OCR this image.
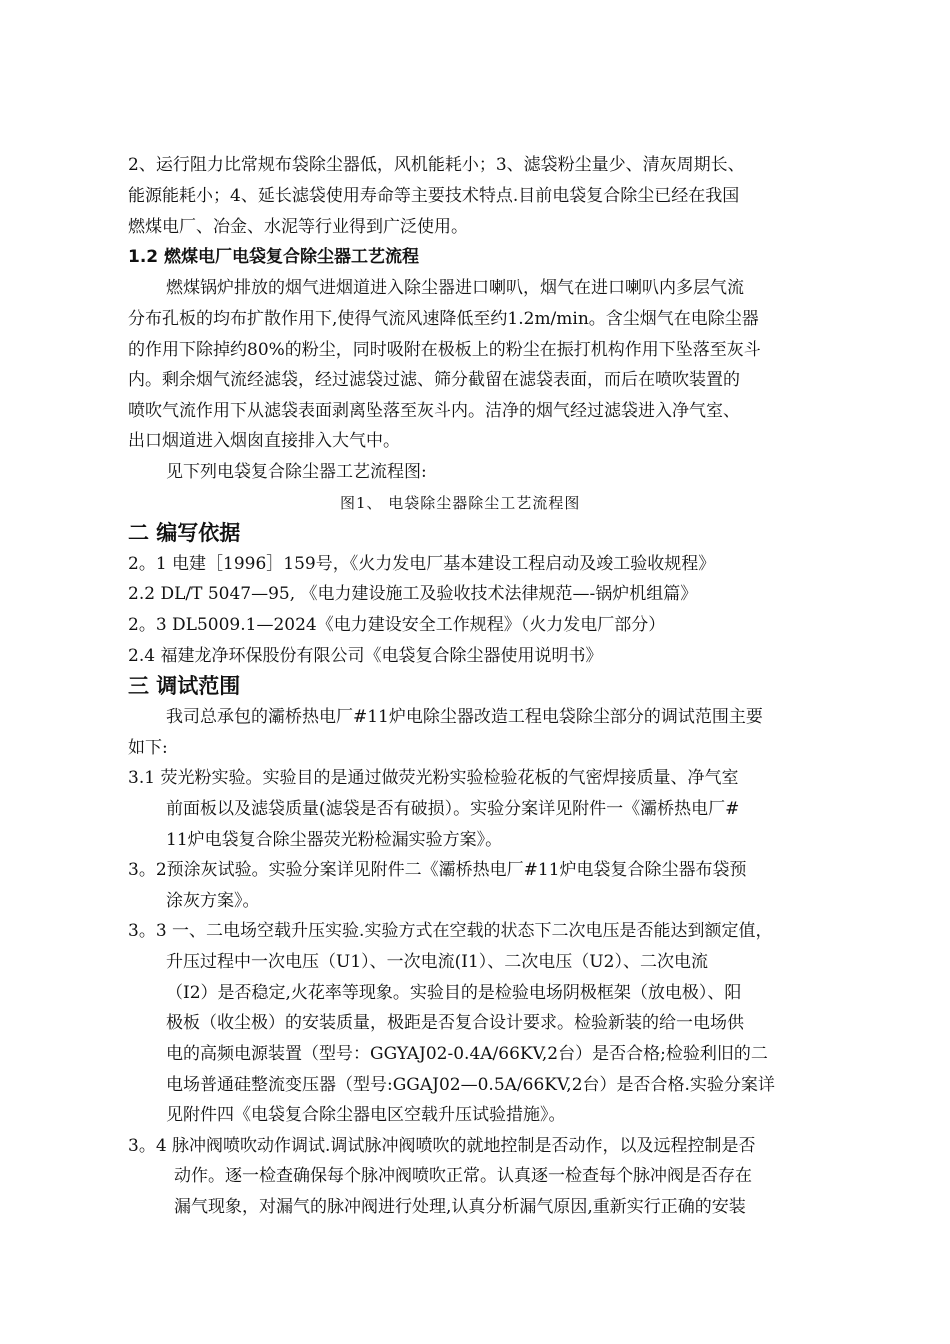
2、运行阻力比常规布袋除尘器低，风机能耗小；3、滤袋粉尘量少、清灰周期长、
能源能耗小；4、延长滤袋使用寿命等主要技术特点.目前电袋复合除尘已经在我国
燃煤电厂、冶金、水泥等行业得到广泛使用。
1.2 燃煤电厂电袋复合除尘器工艺流程
燃煤锅炉排放的烟气进烟道进入除尘器进口喇叭，烟气在进口喇叭内多层气流
分布孔板的均布扩散作用下,使得气流风速降低至约1.2m/min。含尘烟气在电除尘器
的作用下除掉约80%的粉尘，同时吸附在极板上的粉尘在振打机构作用下坠落至灰斗
内。剩余烟气流经滤袋，经过滤袋过滤、筛分截留在滤袋表面，而后在喷吹装置的
喷吹气流作用下从滤袋表面剥离坠落至灰斗内。洁净的烟气经过滤袋进入净气室、
出口烟道进入烟囱直接排入大气中。
见下列电袋复合除尘器工艺流程图:
图1、 电袋除尘器除尘工艺流程图
二 编写依据
2。1 电建［1996］159号，《火力发电厂基本建设工程启动及竣工验收规程》
2.2 DL/T 5047—95, 《电力建设施工及验收技术法律规范—-锅炉机组篇》
2。3 DL5009.1—2024《电力建设安全工作规程》（火力发电厂部分）
2.4 福建龙净环保股份有限公司《电袋复合除尘器使用说明书》
三 调试范围
我司总承包的灞桥热电厂#11炉电除尘器改造工程电袋除尘部分的调试范围主要
如下:
3.1 荧光粉实验。实验目的是通过做荧光粉实验检验花板的气密焊接质量、净气室
前面板以及滤袋质量(滤袋是否有破损）。实验分案详见附件一《灞桥热电厂#
11炉电袋复合除尘器荧光粉检漏实验方案》。
3。2预涂灰试验。实验分案详见附件二《灞桥热电厂#11炉电袋复合除尘器布袋预
涂灰方案》。
3。3 一、二电场空载升压实验.实验方式在空载的状态下二次电压是否能达到额定值，
升压过程中一次电压（U1）、一次电流(I1）、二次电压（U2）、二次电流
（I2）是否稳定,火花率等现象。实验目的是检验电场阴极框架（放电极）、阳
极板（收尘极）的安装质量，极距是否复合设计要求。检验新装的给一电场供
电的高频电源装置（型号：GGYAJ02-0.4A/66KV,2台）是否合格;检验利旧的二
电场普通硅整流变压器（型号:GGAJ02—0.5A/66KV,2台）是否合格.实验分案详
见附件四《电袋复合除尘器电区空载升压试验措施》。
3。4 脉冲阀喷吹动作调试.调试脉冲阀喷吹的就地控制是否动作，以及远程控制是否
动作。逐一检查确保每个脉冲阀喷吹正常。认真逐一检查每个脉冲阀是否存在
漏气现象，对漏气的脉冲阀进行处理,认真分析漏气原因,重新实行正确的安装
